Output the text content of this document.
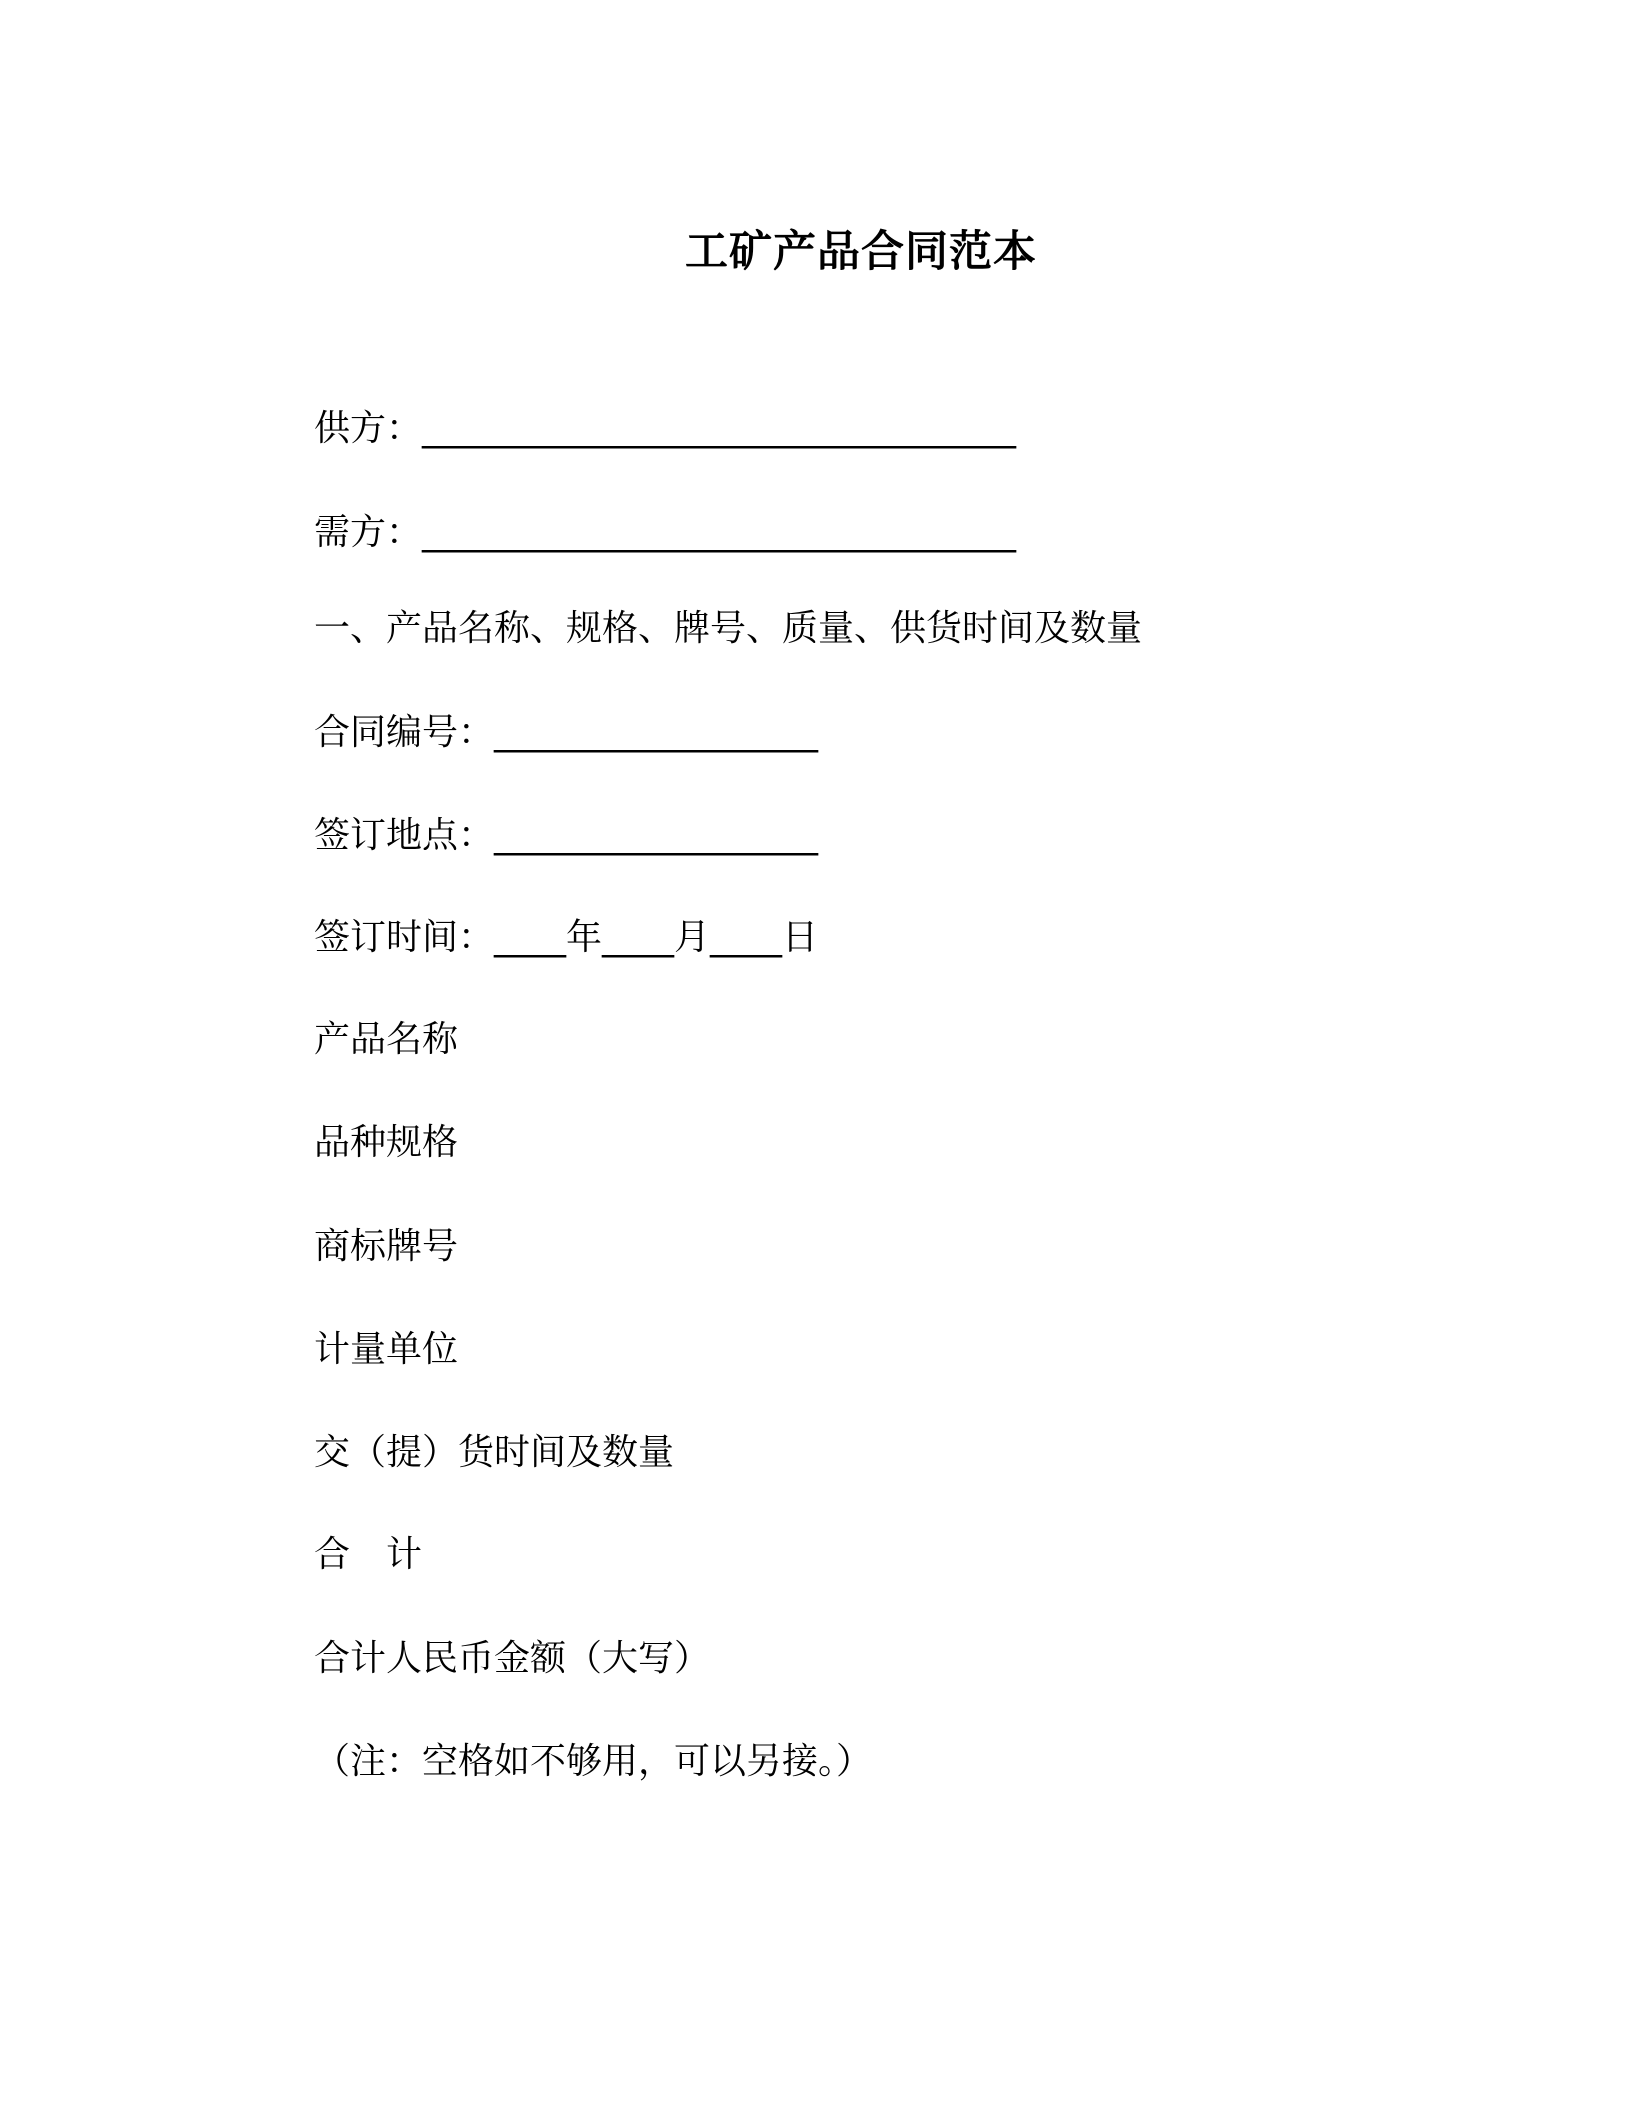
工矿产品合同范本
供方：_________________________________
需方：_________________________________
一、产品名称、规格、牌号、质量、供货时间及数量
合同编号：__________________
签订地点：__________________
签订时间：____年____月____日
产品名称
品种规格
商标牌号
计量单位
交（提）货时间及数量
合　计
合计人民币金额（大写）
（注：空格如不够用，可以另接。）
